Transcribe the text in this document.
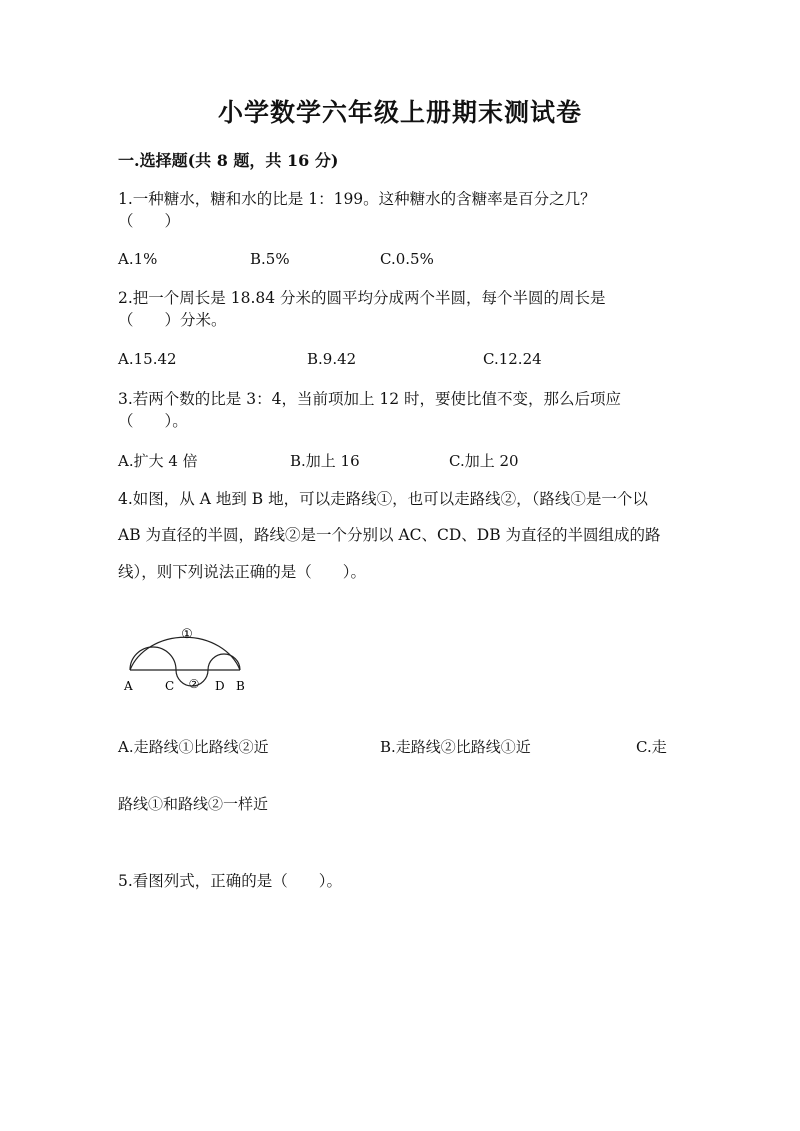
小学数学六年级上册期末测试卷
一.选择题(共 8 题，共 16 分)
1.一种糖水，糖和水的比是 1：199。这种糖水的含糖率是百分之几？
（　　）
A.1%	B.5%	C.0.5%
2.把一个周长是 18.84 分米的圆平均分成两个半圆，每个半圆的周长是
（　　）分米。
A.15.42	B.9.42	C.12.24
3.若两个数的比是 3：4，当前项加上 12 时，要使比值不变，那么后项应
（　　）。
A.扩大 4 倍	B.加上 16	C.加上 20
4.如图，从 A 地到 B 地，可以走路线①，也可以走路线②，（路线①是一个以
AB 为直径的半圆，路线②是一个分别以 AC、CD、DB 为直径的半圆组成的路
线），则下列说法正确的是（　　）。
①
②
A	C	D B
A.走路线①比路线②近	B.走路线②比路线①近	C.走
路线①和路线②一样近
5.看图列式，正确的是（　　）。
